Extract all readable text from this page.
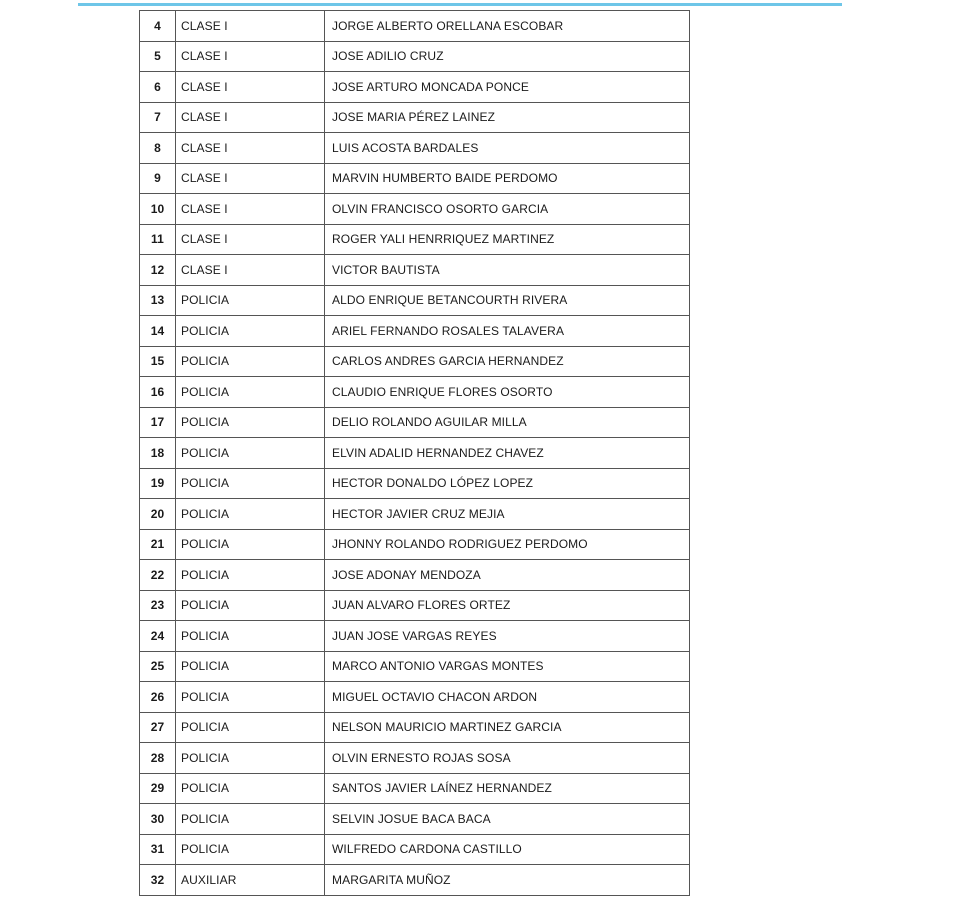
4	CLASE I	JORGE ALBERTO ORELLANA ESCOBAR
5	CLASE I	JOSE ADILIO CRUZ
6	CLASE I	JOSE ARTURO MONCADA PONCE
7	CLASE I	JOSE MARIA PÉREZ LAINEZ
8	CLASE I	LUIS ACOSTA BARDALES
9	CLASE I	MARVIN HUMBERTO BAIDE PERDOMO
10	CLASE I	OLVIN FRANCISCO OSORTO GARCIA
11	CLASE I	ROGER YALI HENRRIQUEZ MARTINEZ
12	CLASE I	VICTOR BAUTISTA
13	POLICIA	ALDO ENRIQUE BETANCOURTH RIVERA
14	POLICIA	ARIEL FERNANDO ROSALES TALAVERA
15	POLICIA	CARLOS ANDRES GARCIA HERNANDEZ
16	POLICIA	CLAUDIO ENRIQUE FLORES OSORTO
17	POLICIA	DELIO ROLANDO AGUILAR MILLA
18	POLICIA	ELVIN ADALID HERNANDEZ CHAVEZ
19	POLICIA	HECTOR DONALDO LÓPEZ LOPEZ
20	POLICIA	HECTOR JAVIER CRUZ MEJIA
21	POLICIA	JHONNY ROLANDO RODRIGUEZ PERDOMO
22	POLICIA	JOSE ADONAY MENDOZA
23	POLICIA	JUAN ALVARO FLORES ORTEZ
24	POLICIA	JUAN JOSE VARGAS REYES
25	POLICIA	MARCO ANTONIO VARGAS MONTES
26	POLICIA	MIGUEL OCTAVIO CHACON ARDON
27	POLICIA	NELSON MAURICIO MARTINEZ GARCIA
28	POLICIA	OLVIN ERNESTO ROJAS SOSA
29	POLICIA	SANTOS JAVIER LAÍNEZ HERNANDEZ
30	POLICIA	SELVIN JOSUE BACA BACA
31	POLICIA	WILFREDO CARDONA CASTILLO
32	AUXILIAR	MARGARITA MUÑOZ
